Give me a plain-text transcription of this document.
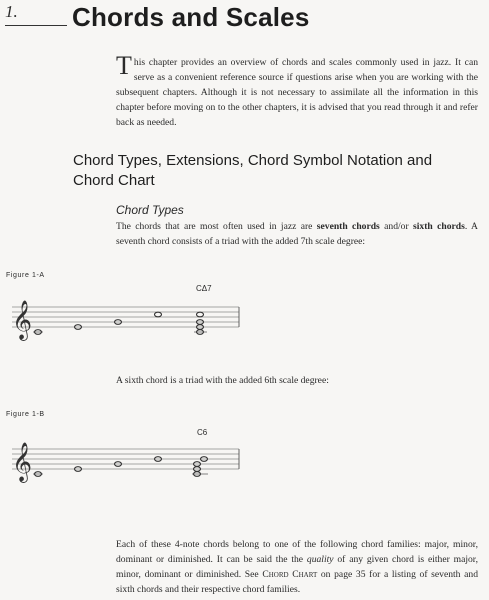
1. Chords and Scales
This chapter provides an overview of chords and scales commonly used in jazz. It can serve as a convenient reference source if questions arise when you are working with the subsequent chapters. Although it is not necessary to assimilate all the information in this chapter before moving on to the other chapters, it is advised that you read through it and refer back as needed.
Chord Types, Extensions, Chord Symbol Notation and Chord Chart
Chord Types
The chords that are most often used in jazz are seventh chords and/or sixth chords. A seventh chord consists of a triad with the added 7th scale degree:
Figure 1-A
CΔ7
𝄞
A sixth chord is a triad with the added 6th scale degree:
Figure 1-B
C6
𝄞
Each of these 4-note chords belong to one of the following chord families: major, minor, dominant or diminished. It can be said the the quality of any given chord is either major, minor, dominant or diminished. See Chord Chart on page 35 for a listing of seventh and sixth chords and their respective chord families.
